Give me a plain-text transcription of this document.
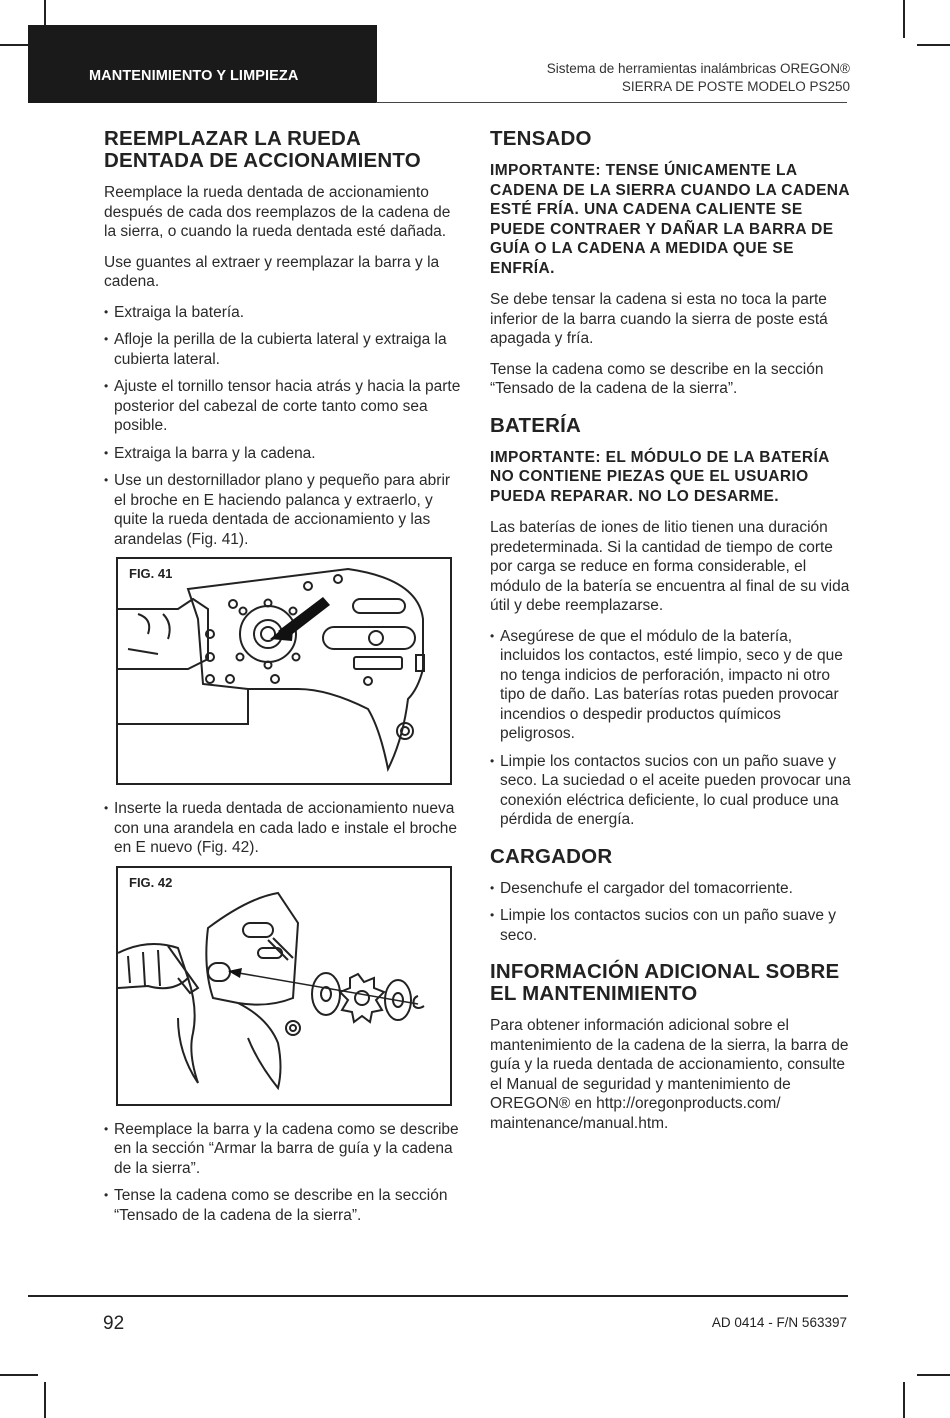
MANTENIMIENTO Y LIMPIEZA	Sistema de herramientas inalámbricas OREGON®
SIERRA DE POSTE MODELO PS250
REEMPLAZAR LA RUEDA DENTADA DE ACCIONAMIENTO

Reemplace la rueda dentada de accionamiento después de cada dos reemplazos de la cadena de la sierra, o cuando la rueda dentada esté dañada.

Use guantes al extraer y reemplazar la barra y la cadena.

• Extraiga la batería.
• Afloje la perilla de la cubierta lateral y extraiga la cubierta lateral.
• Ajuste el tornillo tensor hacia atrás y hacia la parte posterior del cabezal de corte tanto como sea posible.
• Extraiga la barra y la cadena.
• Use un destornillador plano y pequeño para abrir el broche en E haciendo palanca y extraerlo, y quite la rueda dentada de accionamiento y las arandelas (Fig. 41).
FIG. 41
• Inserte la rueda dentada de accionamiento nueva con una arandela en cada lado e instale el broche en E nuevo (Fig. 42).
FIG. 42
• Reemplace la barra y la cadena como se describe en la sección “Armar la barra de guía y la cadena de la sierra”.
• Tense la cadena como se describe en la sección “Tensado de la cadena de la sierra”.
TENSADO
IMPORTANTE: TENSE ÚNICAMENTE LA CADENA DE LA SIERRA CUANDO LA CADENA ESTÉ FRÍA. UNA CADENA CALIENTE SE PUEDE CONTRAER Y DAÑAR LA BARRA DE GUÍA O LA CADENA A MEDIDA QUE SE ENFRÍA.

Se debe tensar la cadena si esta no toca la parte inferior de la barra cuando la sierra de poste está apagada y fría.

Tense la cadena como se describe en la sección “Tensado de la cadena de la sierra”.

BATERÍA
IMPORTANTE: EL MÓDULO DE LA BATERÍA NO CONTIENE PIEZAS QUE EL USUARIO PUEDA REPARAR. NO LO DESARME.

Las baterías de iones de litio tienen una duración predeterminada. Si la cantidad de tiempo de corte por carga se reduce en forma considerable, el módulo de la batería se encuentra al final de su vida útil y debe reemplazarse.

• Asegúrese de que el módulo de la batería, incluidos los contactos, esté limpio, seco y de que no tenga indicios de perforación, impacto ni otro tipo de daño. Las baterías rotas pueden provocar incendios o despedir productos químicos peligrosos.
• Limpie los contactos sucios con un paño suave y seco. La suciedad o el aceite pueden provocar una conexión eléctrica deficiente, lo cual produce una pérdida de energía.
CARGADOR
• Desenchufe el cargador del tomacorriente.
• Limpie los contactos sucios con un paño suave y seco.
INFORMACIÓN ADICIONAL SOBRE EL MANTENIMIENTO

Para obtener información adicional sobre el mantenimiento de la cadena de la sierra, la barra de guía y la rueda dentada de accionamiento, consulte el Manual de seguridad y mantenimiento de OREGON® en http://oregonproducts.com/ maintenance/manual.htm.

92	AD 0414 - F/N 563397
